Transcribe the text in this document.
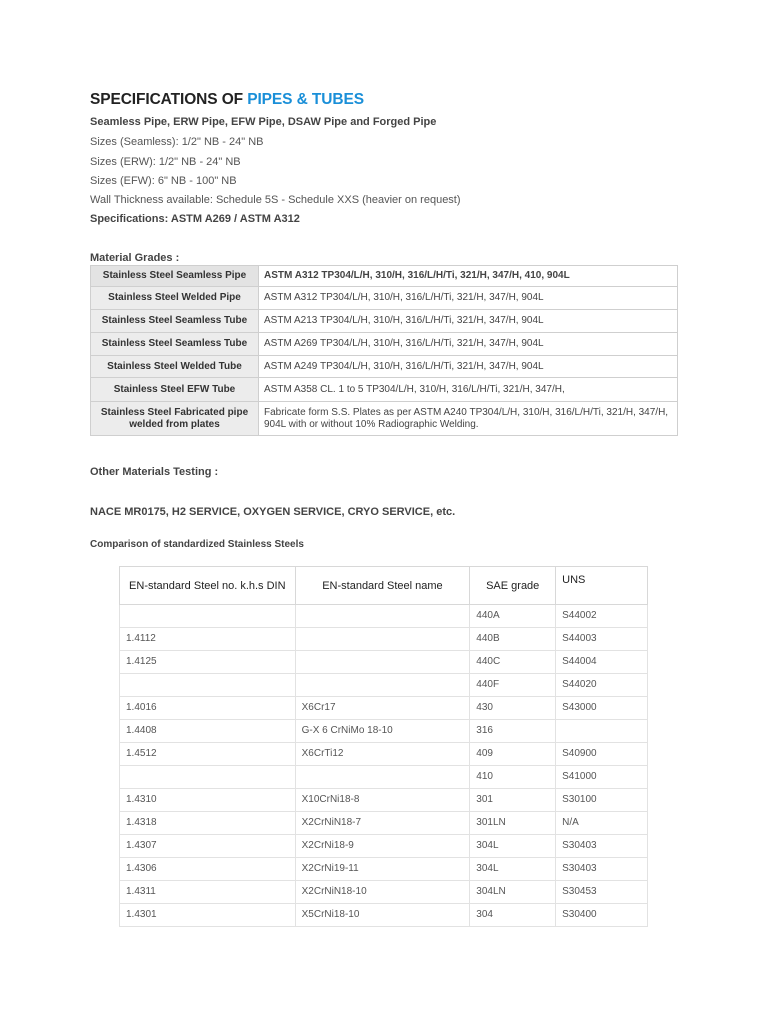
SPECIFICATIONS OF PIPES & TUBES
Seamless Pipe, ERW Pipe, EFW Pipe, DSAW Pipe and Forged Pipe
Sizes (Seamless): 1/2" NB - 24" NB
Sizes (ERW): 1/2" NB - 24" NB
Sizes (EFW): 6" NB - 100" NB
Wall Thickness available: Schedule 5S - Schedule XXS (heavier on request)
Specifications: ASTM A269 / ASTM A312
Material Grades :
Stainless Steel Seamless Pipe	ASTM A312 TP304/L/H, 310/H, 316/L/H/Ti, 321/H, 347/H, 410, 904L
Stainless Steel Welded Pipe	ASTM A312 TP304/L/H, 310/H, 316/L/H/Ti, 321/H, 347/H, 904L
Stainless Steel Seamless Tube	ASTM A213 TP304/L/H, 310/H, 316/L/H/Ti, 321/H, 347/H, 904L
Stainless Steel Seamless Tube	ASTM A269 TP304/L/H, 310/H, 316/L/H/Ti, 321/H, 347/H, 904L
Stainless Steel Welded Tube	ASTM A249 TP304/L/H, 310/H, 316/L/H/Ti, 321/H, 347/H, 904L
Stainless Steel EFW Tube	ASTM A358 CL. 1 to 5 TP304/L/H, 310/H, 316/L/H/Ti, 321/H, 347/H,
Stainless Steel Fabricated pipe welded from plates	Fabricate form S.S. Plates as per ASTM A240 TP304/L/H, 310/H, 316/L/H/Ti, 321/H, 347/H, 904L with or without 10% Radiographic Welding.
Other Materials Testing :
NACE MR0175, H2 SERVICE, OXYGEN SERVICE, CRYO SERVICE, etc.
Comparison of standardized Stainless Steels
EN-standard Steel no. k.h.s DIN	EN-standard Steel name	SAE grade	UNS
		440A	S44002
1.4112		440B	S44003
1.4125		440C	S44004
		440F	S44020
1.4016	X6Cr17	430	S43000
1.4408	G-X 6 CrNiMo 18-10	316	
1.4512	X6CrTi12	409	S40900
		410	S41000
1.4310	X10CrNi18-8	301	S30100
1.4318	X2CrNiN18-7	301LN	N/A
1.4307	X2CrNi18-9	304L	S30403
1.4306	X2CrNi19-11	304L	S30403
1.4311	X2CrNiN18-10	304LN	S30453
1.4301	X5CrNi18-10	304	S30400
